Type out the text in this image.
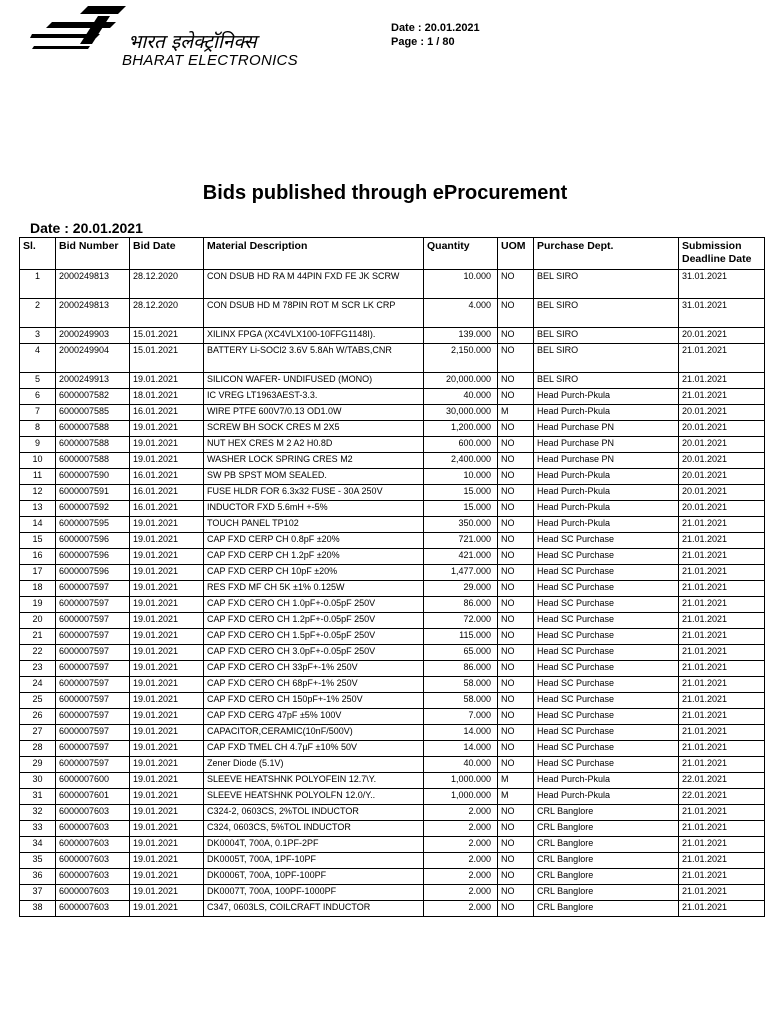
भारत इलेक्ट्रॉनिक्स
BHARAT ELECTRONICS
Date : 20.01.2021
Page : 1 / 80
Bids published through eProcurement
Date : 20.01.2021
Sl.	Bid Number	Bid Date	Material Description	Quantity	UOM	Purchase Dept.	Submission Deadline Date
1	2000249813	28.12.2020	CON DSUB HD RA M 44PIN FXD FE JK SCRW	10.000	NO	BEL SIRO	31.01.2021
2	2000249813	28.12.2020	CON DSUB HD M 78PIN ROT M SCR LK CRP	4.000	NO	BEL SIRO	31.01.2021
3	2000249903	15.01.2021	XILINX FPGA (XC4VLX100-10FFG1148I).	139.000	NO	BEL SIRO	20.01.2021
4	2000249904	15.01.2021	BATTERY Li-SOCl2 3.6V 5.8Ah W/TABS,CNR	2,150.000	NO	BEL SIRO	21.01.2021
5	2000249913	19.01.2021	SILICON WAFER- UNDIFUSED (MONO)	20,000.000	NO	BEL SIRO	21.01.2021
6	6000007582	18.01.2021	IC VREG LT1963AEST-3.3.	40.000	NO	Head Purch-Pkula	21.01.2021
7	6000007585	16.01.2021	WIRE PTFE 600V7/0.13 OD1.0W	30,000.000	M	Head Purch-Pkula	20.01.2021
8	6000007588	19.01.2021	SCREW BH SOCK CRES M 2X5	1,200.000	NO	Head Purchase PN	20.01.2021
9	6000007588	19.01.2021	NUT HEX CRES M 2 A2 H0.8D	600.000	NO	Head Purchase PN	20.01.2021
10	6000007588	19.01.2021	WASHER LOCK SPRING CRES M2	2,400.000	NO	Head Purchase PN	20.01.2021
11	6000007590	16.01.2021	SW PB SPST MOM SEALED.	10.000	NO	Head Purch-Pkula	20.01.2021
12	6000007591	16.01.2021	FUSE HLDR FOR 6.3x32 FUSE - 30A 250V	15.000	NO	Head Purch-Pkula	20.01.2021
13	6000007592	16.01.2021	INDUCTOR FXD 5.6mH +-5%	15.000	NO	Head Purch-Pkula	20.01.2021
14	6000007595	19.01.2021	TOUCH PANEL TP102	350.000	NO	Head Purch-Pkula	21.01.2021
15	6000007596	19.01.2021	CAP FXD CERP CH 0.8pF ±20%	721.000	NO	Head SC Purchase	21.01.2021
16	6000007596	19.01.2021	CAP FXD CERP CH 1.2pF ±20%	421.000	NO	Head SC Purchase	21.01.2021
17	6000007596	19.01.2021	CAP FXD CERP CH 10pF ±20%	1,477.000	NO	Head SC Purchase	21.01.2021
18	6000007597	19.01.2021	RES FXD MF CH 5K ±1% 0.125W	29.000	NO	Head SC Purchase	21.01.2021
19	6000007597	19.01.2021	CAP FXD CERO CH 1.0pF+-0.05pF 250V	86.000	NO	Head SC Purchase	21.01.2021
20	6000007597	19.01.2021	CAP FXD CERO CH 1.2pF+-0.05pF 250V	72.000	NO	Head SC Purchase	21.01.2021
21	6000007597	19.01.2021	CAP FXD CERO CH 1.5pF+-0.05pF 250V	115.000	NO	Head SC Purchase	21.01.2021
22	6000007597	19.01.2021	CAP FXD CERO CH 3.0pF+-0.05pF 250V	65.000	NO	Head SC Purchase	21.01.2021
23	6000007597	19.01.2021	CAP FXD CERO CH 33pF+-1% 250V	86.000	NO	Head SC Purchase	21.01.2021
24	6000007597	19.01.2021	CAP FXD CERO CH 68pF+-1% 250V	58.000	NO	Head SC Purchase	21.01.2021
25	6000007597	19.01.2021	CAP FXD CERO CH 150pF+-1% 250V	58.000	NO	Head SC Purchase	21.01.2021
26	6000007597	19.01.2021	CAP FXD CERG 47pF ±5% 100V	7.000	NO	Head SC Purchase	21.01.2021
27	6000007597	19.01.2021	CAPACITOR,CERAMIC(10nF/500V)	14.000	NO	Head SC Purchase	21.01.2021
28	6000007597	19.01.2021	CAP FXD TMEL CH 4.7µF ±10% 50V	14.000	NO	Head SC Purchase	21.01.2021
29	6000007597	19.01.2021	Zener Diode (5.1V)	40.000	NO	Head SC Purchase	21.01.2021
30	6000007600	19.01.2021	SLEEVE HEATSHNK POLYOFEIN 12.7\Y.	1,000.000	M	Head Purch-Pkula	22.01.2021
31	6000007601	19.01.2021	SLEEVE HEATSHNK POLYOLFN 12.0/Y..	1,000.000	M	Head Purch-Pkula	22.01.2021
32	6000007603	19.01.2021	C324-2, 0603CS, 2%TOL INDUCTOR	2.000	NO	CRL Banglore	21.01.2021
33	6000007603	19.01.2021	C324, 0603CS, 5%TOL INDUCTOR	2.000	NO	CRL Banglore	21.01.2021
34	6000007603	19.01.2021	DK0004T, 700A, 0.1PF-2PF	2.000	NO	CRL Banglore	21.01.2021
35	6000007603	19.01.2021	DK0005T, 700A, 1PF-10PF	2.000	NO	CRL Banglore	21.01.2021
36	6000007603	19.01.2021	DK0006T, 700A, 10PF-100PF	2.000	NO	CRL Banglore	21.01.2021
37	6000007603	19.01.2021	DK0007T, 700A, 100PF-1000PF	2.000	NO	CRL Banglore	21.01.2021
38	6000007603	19.01.2021	C347, 0603LS, COILCRAFT INDUCTOR	2.000	NO	CRL Banglore	21.01.2021
